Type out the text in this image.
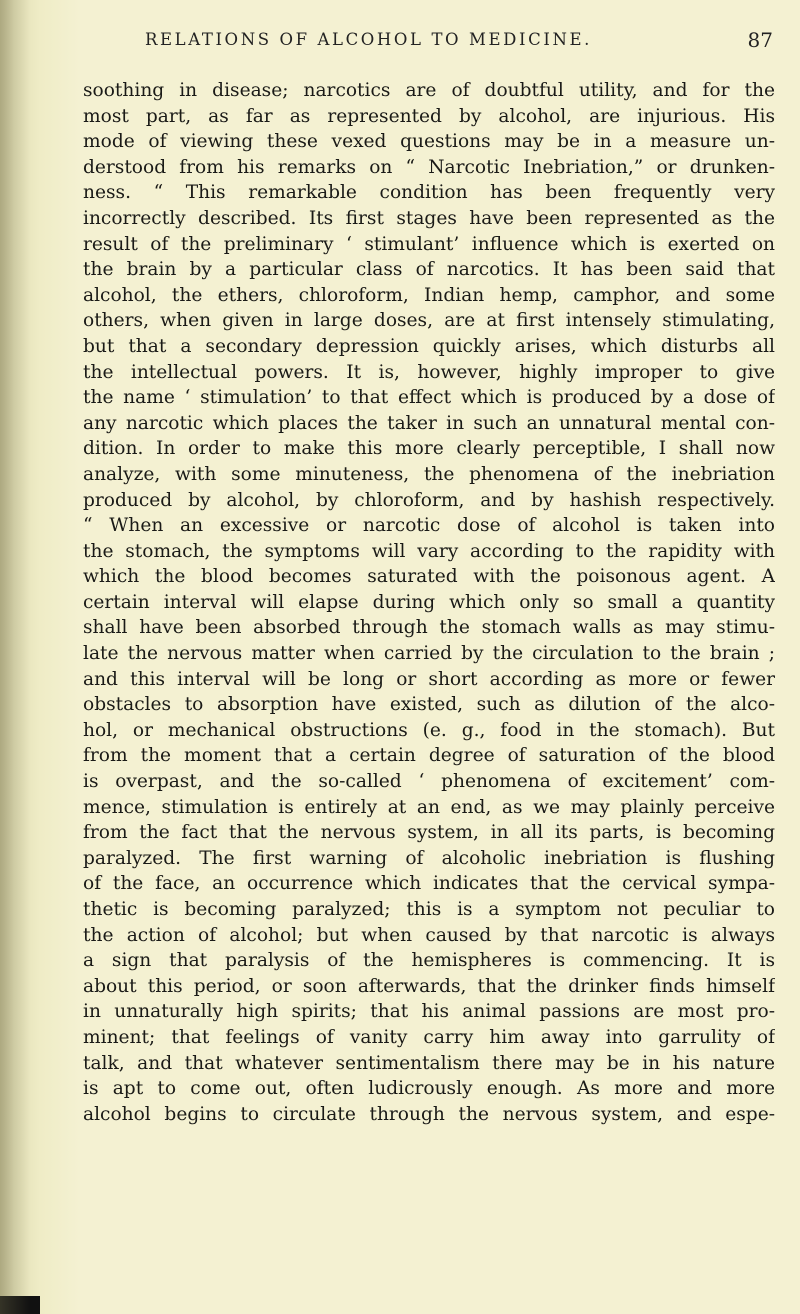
RELATIONS OF ALCOHOL TO MEDICINE.	87
soothing in disease; narcotics are of doubtful utility, and for the
most part, as far as represented by alcohol, are injurious. His
mode of viewing these vexed questions may be in a measure un-
derstood from his remarks on “ Narcotic Inebriation,” or drunken-
ness. “ This remarkable condition has been frequently very
incorrectly described. Its first stages have been represented as the
result of the preliminary ‘ stimulant’ influence which is exerted on
the brain by a particular class of narcotics. It has been said that
alcohol, the ethers, chloroform, Indian hemp, camphor, and some
others, when given in large doses, are at first intensely stimulating,
but that a secondary depression quickly arises, which disturbs all
the intellectual powers. It is, however, highly improper to give
the name ‘ stimulation’ to that effect which is produced by a dose of
any narcotic which places the taker in such an unnatural mental con-
dition. In order to make this more clearly perceptible, I shall now
analyze, with some minuteness, the phenomena of the inebriation
produced by alcohol, by chloroform, and by hashish respectively.
“ When an excessive or narcotic dose of alcohol is taken into
the stomach, the symptoms will vary according to the rapidity with
which the blood becomes saturated with the poisonous agent. A
certain interval will elapse during which only so small a quantity
shall have been absorbed through the stomach walls as may stimu-
late the nervous matter when carried by the circulation to the brain ;
and this interval will be long or short according as more or fewer
obstacles to absorption have existed, such as dilution of the alco-
hol, or mechanical obstructions (e. g., food in the stomach). But
from the moment that a certain degree of saturation of the blood
is overpast, and the so-called ‘ phenomena of excitement’ com-
mence, stimulation is entirely at an end, as we may plainly perceive
from the fact that the nervous system, in all its parts, is becoming
paralyzed. The first warning of alcoholic inebriation is flushing
of the face, an occurrence which indicates that the cervical sympa-
thetic is becoming paralyzed; this is a symptom not peculiar to
the action of alcohol; but when caused by that narcotic is always
a sign that paralysis of the hemispheres is commencing. It is
about this period, or soon afterwards, that the drinker finds himself
in unnaturally high spirits; that his animal passions are most pro-
minent; that feelings of vanity carry him away into garrulity of
talk, and that whatever sentimentalism there may be in his nature
is apt to come out, often ludicrously enough. As more and more
alcohol begins to circulate through the nervous system, and espe-
